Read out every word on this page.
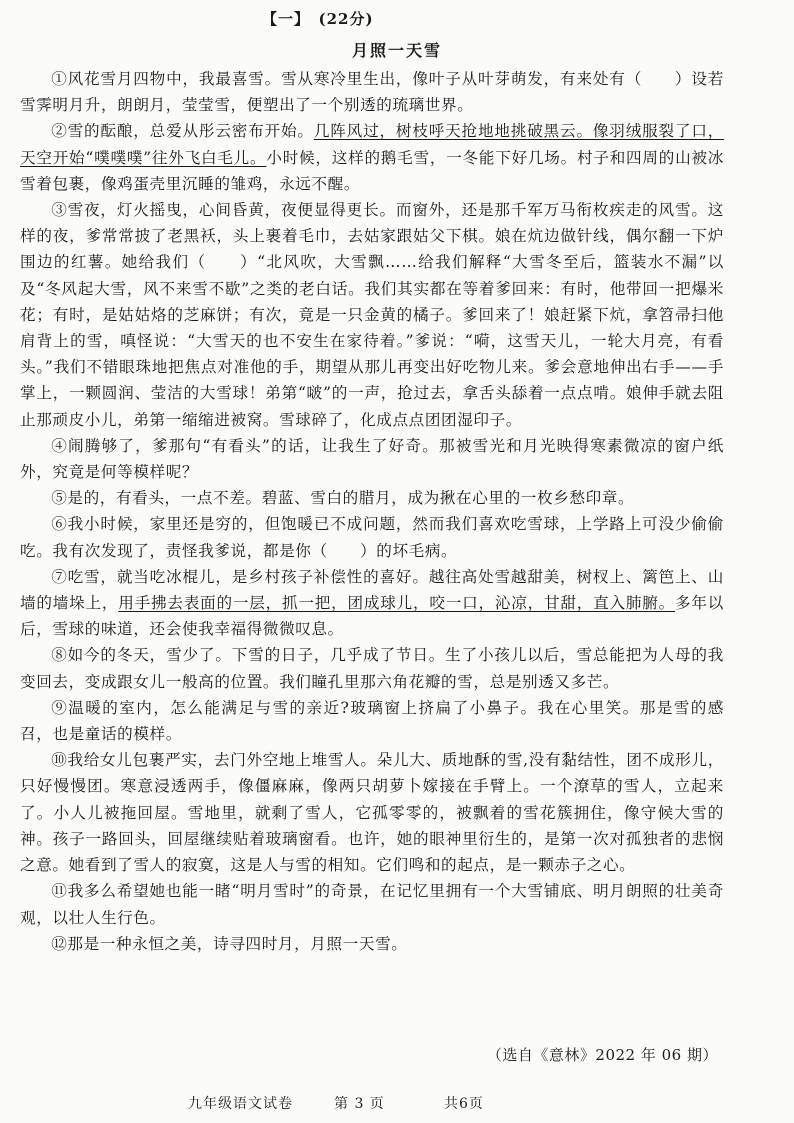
【一】　(22分)
月照一天雪

①风花雪月四物中，我最喜雪。雪从寒冷里生出，像叶子从叶芽萌发，有来处有（　　）设若雪霁明月升，朗朗月，莹莹雪，便塑出了一个别透的琉璃世界。

②雪的酝酿，总爱从彤云密布开始。几阵风过，树枝呼天抢地地挑破黑云。像羽绒服裂了口，天空开始“噗噗噗”往外飞白毛儿。小时候，这样的鹅毛雪，一冬能下好几场。村子和四周的山被冰雪着包裹，像鸡蛋壳里沉睡的雏鸡，永远不醒。

③雪夜，灯火摇曳，心间昏黄，夜便显得更长。而窗外，还是那千军万马衔枚疾走的风雪。这样的夜，爹常常披了老黑袄，头上裹着毛巾，去姑家跟姑父下棋。娘在炕边做针线，偶尔翻一下炉围边的红薯。她给我们（　　）“北风吹，大雪飘……给我们解释“大雪冬至后，篮装水不漏”以及“冬风起大雪，风不来雪不歇”之类的老白话。我们其实都在等着爹回来：有时，他带回一把爆米花；有时，是姑姑烙的芝麻饼；有次，竟是一只金黄的橘子。爹回来了！娘赶紧下炕，拿笤帚扫他肩背上的雪，嗔怪说：“大雪天的也不安生在家待着。”爹说：“嗬，这雪天儿，一轮大月亮，有看头。”我们不错眼珠地把焦点对准他的手，期望从那儿再变出好吃物儿来。爹会意地伸出右手——手掌上，一颗圆润、莹洁的大雪球！弟第“啵”的一声，抢过去，拿舌头舔着一点点啃。娘伸手就去阻止那顽皮小儿，弟第一缩缩进被窝。雪球碎了，化成点点团团湿印子。

④闹腾够了，爹那句“有看头”的话，让我生了好奇。那被雪光和月光映得寒素微凉的窗户纸外，究竟是何等模样呢？

⑤是的，有看头，一点不差。碧蓝、雪白的腊月，成为揪在心里的一枚乡愁印章。

⑥我小时候，家里还是穷的，但饱暖已不成问题，然而我们喜欢吃雪球，上学路上可没少偷偷吃。我有次发现了，责怪我爹说，都是你（　　）的坏毛病。

⑦吃雪，就当吃冰棍儿，是乡村孩子补偿性的喜好。越往高处雪越甜美，树杈上、篱笆上、山墙的墙垛上，用手拂去表面的一层，抓一把，团成球儿，咬一口，沁凉，甘甜，直入肺腑。多年以后，雪球的味道，还会使我幸福得微微叹息。

⑧如今的冬天，雪少了。下雪的日子，几乎成了节日。生了小孩儿以后，雪总能把为人母的我变回去，变成跟女儿一般高的位置。我们瞳孔里那六角花瓣的雪，总是别透又多芒。

⑨温暖的室内，怎么能满足与雪的亲近?玻璃窗上挤扁了小鼻子。我在心里笑。那是雪的感召，也是童话的模样。

⑩我给女儿包裹严实，去门外空地上堆雪人。朵儿大、质地酥的雪,没有黏结性，团不成形儿，只好慢慢团。寒意浸透两手，像僵麻麻，像两只胡萝卜嫁接在手臂上。一个潦草的雪人，立起来了。小人儿被拖回屋。雪地里，就剩了雪人，它孤零零的，被飘着的雪花簇拥住，像守候大雪的神。孩子一路回头，回屋继续贴着玻璃窗看。也许，她的眼神里衍生的，是第一次对孤独者的悲悯之意。她看到了雪人的寂寞，这是人与雪的相知。它们鸣和的起点，是一颗赤子之心。

⑪我多么希望她也能一睹“明月雪时”的奇景，在记忆里拥有一个大雪铺底、明月朗照的壮美奇观，以壮人生行色。

⑫那是一种永恒之美，诗寻四时月，月照一天雪。

（选自《意林》2022 年 06 期）
九年级语文试卷	第 3 页	共6页
